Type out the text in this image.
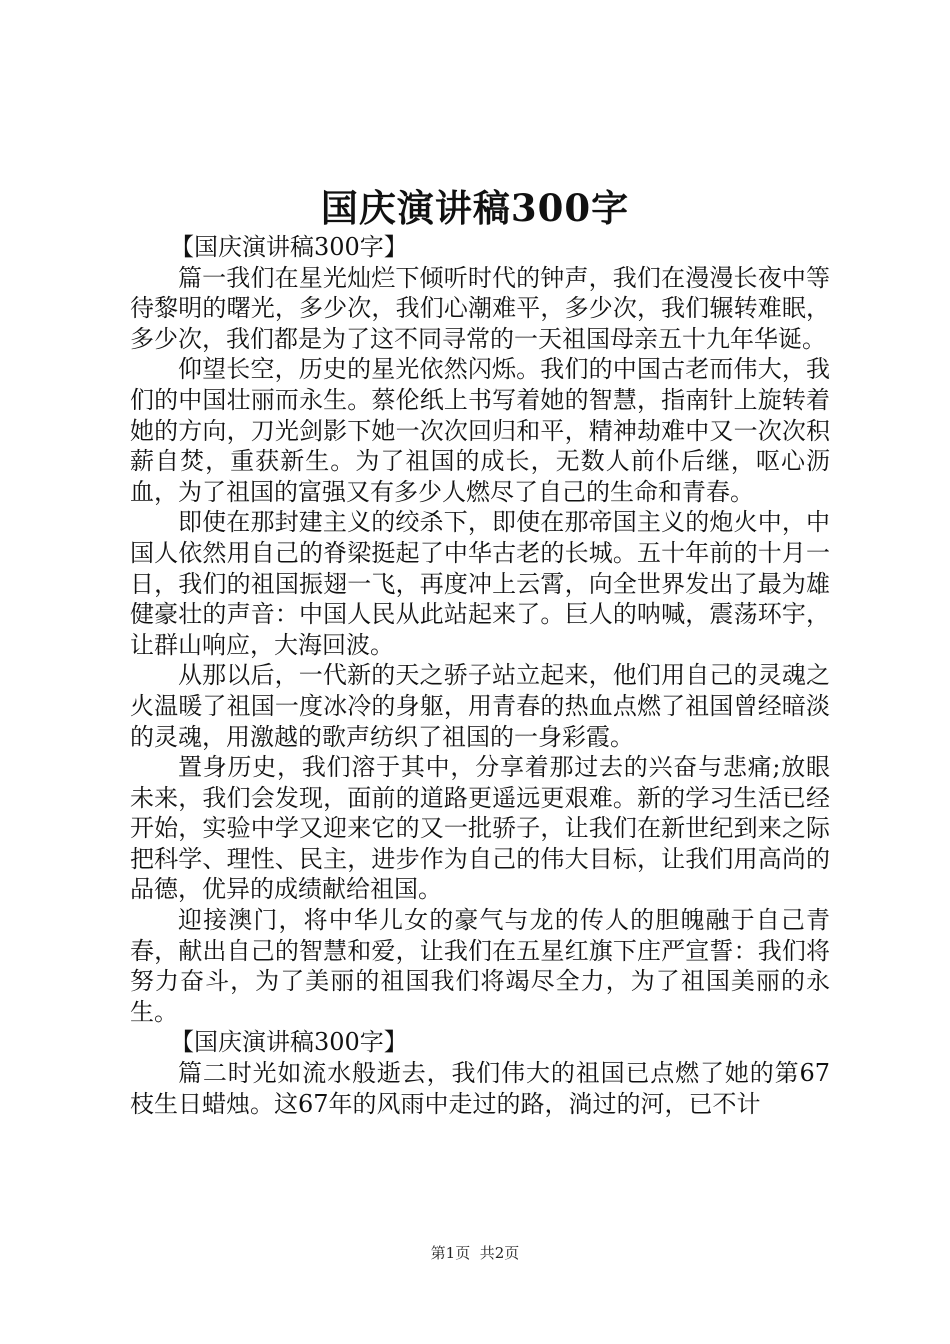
国庆演讲稿300字

【国庆演讲稿300字】

篇一我们在星光灿烂下倾听时代的钟声，我们在漫漫长夜中等待黎明的曙光，多少次，我们心潮难平，多少次，我们辗转难眠，多少次，我们都是为了这不同寻常的一天祖国母亲五十九年华诞。

仰望长空，历史的星光依然闪烁。我们的中国古老而伟大，我们的中国壮丽而永生。蔡伦纸上书写着她的智慧，指南针上旋转着她的方向，刀光剑影下她一次次回归和平，精神劫难中又一次次积薪自焚，重获新生。为了祖国的成长，无数人前仆后继，呕心沥血，为了祖国的富强又有多少人燃尽了自己的生命和青春。

即使在那封建主义的绞杀下，即使在那帝国主义的炮火中，中国人依然用自己的脊梁挺起了中华古老的长城。五十年前的十月一日，我们的祖国振翅一飞，再度冲上云霄，向全世界发出了最为雄健豪壮的声音：中国人民从此站起来了。巨人的呐喊，震荡环宇，让群山响应，大海回波。

从那以后，一代新的天之骄子站立起来，他们用自己的灵魂之火温暖了祖国一度冰冷的身躯，用青春的热血点燃了祖国曾经暗淡的灵魂，用激越的歌声纺织了祖国的一身彩霞。

置身历史，我们溶于其中，分享着那过去的兴奋与悲痛;放眼未来，我们会发现，面前的道路更遥远更艰难。新的学习生活已经开始，实验中学又迎来它的又一批骄子，让我们在新世纪到来之际把科学、理性、民主，进步作为自己的伟大目标，让我们用高尚的品德，优异的成绩献给祖国。

迎接澳门，将中华儿女的豪气与龙的传人的胆魄融于自己青春，献出自己的智慧和爱，让我们在五星红旗下庄严宣誓：我们将努力奋斗，为了美丽的祖国我们将竭尽全力，为了祖国美丽的永生。

【国庆演讲稿300字】

篇二时光如流水般逝去，我们伟大的祖国已点燃了她的第67枝生日蜡烛。这67年的风雨中走过的路，淌过的河，已不计

第1页 共2页
